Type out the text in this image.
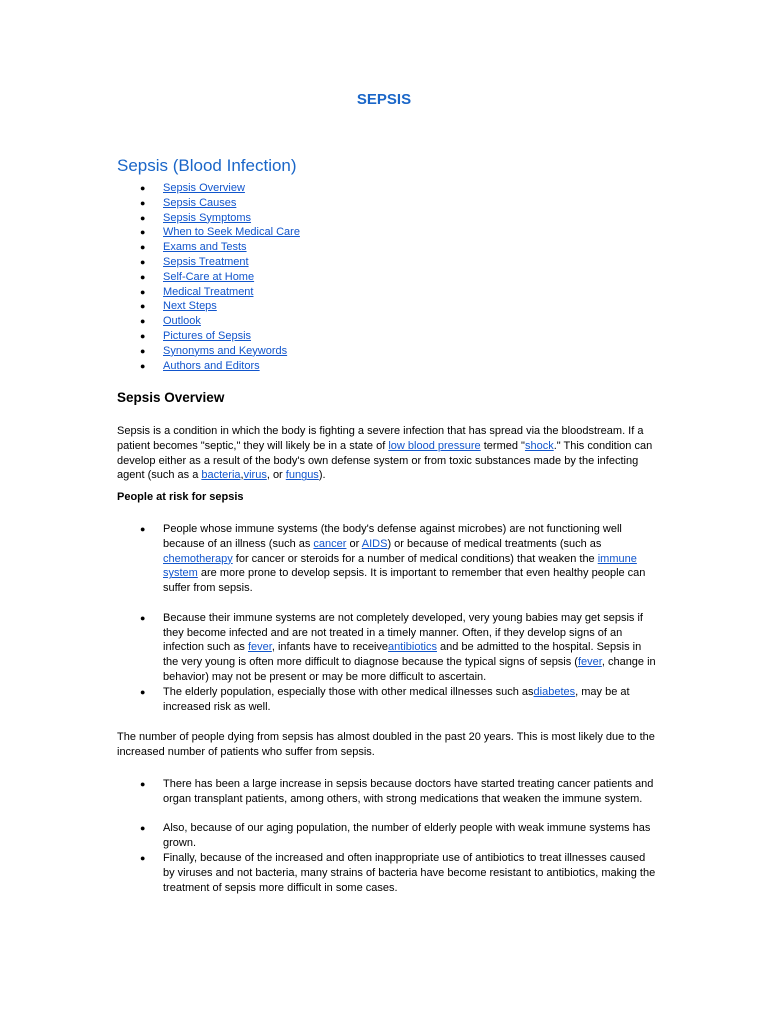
SEPSIS
Sepsis (Blood Infection)
● Sepsis Overview
● Sepsis Causes
● Sepsis Symptoms
● When to Seek Medical Care
● Exams and Tests
● Sepsis Treatment
● Self-Care at Home
● Medical Treatment
● Next Steps
● Outlook
● Pictures of Sepsis
● Synonyms and Keywords
● Authors and Editors
Sepsis Overview

Sepsis is a condition in which the body is fighting a severe infection that has spread via the bloodstream. If a patient becomes "septic," they will likely be in a state of low blood pressure termed "shock." This condition can develop either as a result of the body's own defense system or from toxic substances made by the infecting agent (such as a bacteria,virus, or fungus).

People at risk for sepsis
● People whose immune systems (the body's defense against microbes) are not functioning well because of an illness (such as cancer or AIDS) or because of medical treatments (such as chemotherapy for cancer or steroids for a number of medical conditions) that weaken the immune system are more prone to develop sepsis. It is important to remember that even healthy people can suffer from sepsis.
● Because their immune systems are not completely developed, very young babies may get sepsis if they become infected and are not treated in a timely manner. Often, if they develop signs of an infection such as fever, infants have to receiveantibiotics and be admitted to the hospital. Sepsis in the very young is often more difficult to diagnose because the typical signs of sepsis (fever, change in behavior) may not be present or may be more difficult to ascertain.
● The elderly population, especially those with other medical illnesses such asdiabetes, may be at increased risk as well.

The number of people dying from sepsis has almost doubled in the past 20 years. This is most likely due to the increased number of patients who suffer from sepsis.

● There has been a large increase in sepsis because doctors have started treating cancer patients and organ transplant patients, among others, with strong medications that weaken the immune system.
● Also, because of our aging population, the number of elderly people with weak immune systems has grown.
● Finally, because of the increased and often inappropriate use of antibiotics to treat illnesses caused by viruses and not bacteria, many strains of bacteria have become resistant to antibiotics, making the treatment of sepsis more difficult in some cases.
